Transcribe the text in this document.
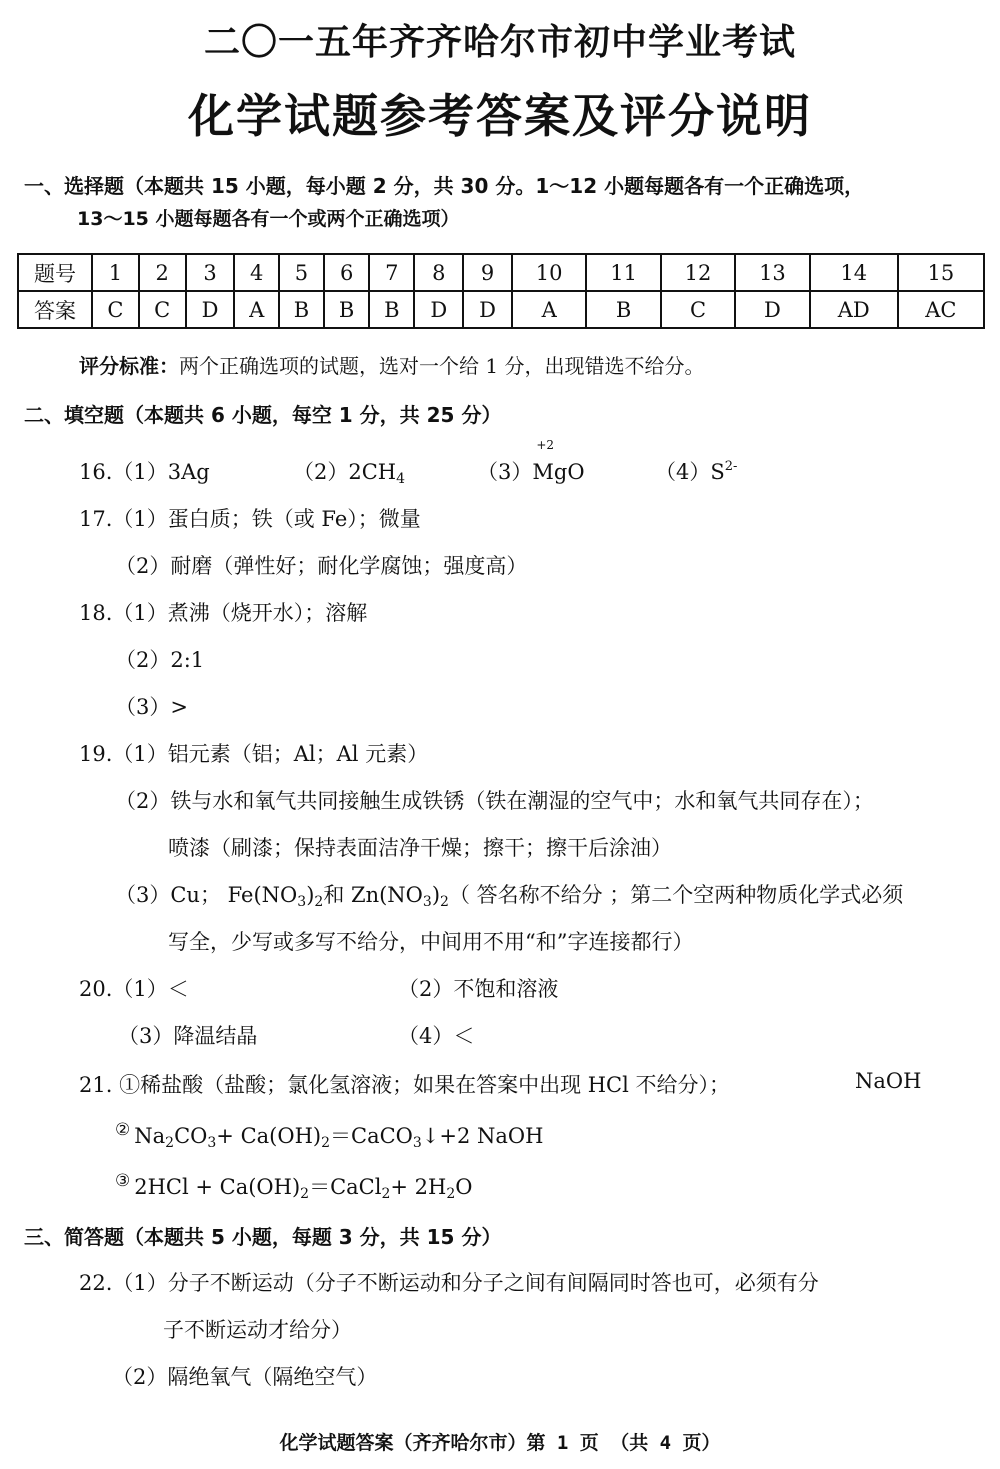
二〇一五年齐齐哈尔市初中学业考试
化学试题参考答案及评分说明
一、选择题（本题共 15 小题，每小题 2 分，共 30 分。1～12 小题每题各有一个正确选项，
13～15 小题每题各有一个或两个正确选项）
题号	1	2	3	4	5	6	7	8	9	10	11	12	13	14	15
答案	C	C	D	A	B	B	B	D	D	A	B	C	D	AD	AC
评分标准：两个正确选项的试题，选对一个给 1 分，出现错选不给分。
二、填空题（本题共 6 小题，每空 1 分，共 25 分）
16.（1）3Ag	$(2)2CH_4$	（3）
+2
MgO	$(4)S^{2-}$
17.（1）蛋白质；铁（或 Fe）；微量
（2）耐磨（弹性好；耐化学腐蚀；强度高）
18.（1）煮沸（烧开水）；溶解
（2）2:1
（3）>
19.（1）铝元素（铝；Al；Al 元素）
（2）铁与水和氧气共同接触生成铁锈（铁在潮湿的空气中；水和氧气共同存在）；
喷漆（刷漆；保持表面洁净干燥；擦干；擦干后涂油）
（3）Cu； $Fe(NO_3)_2$和 $Zn(NO_3)_2$（ 答名称不给分 ；第二个空两种物质化学式必须
写全，少写或多写不给分，中间用不用“和”字连接都行）
20.（1）＜	（2）不饱和溶液
（3）降温结晶	（4）＜
21. ①稀盐酸（盐酸；氯化氢溶液；如果在答案中出现 HCl 不给分）；	NaOH
② $Na_2CO_3+$ $Ca(OH)_2=CaCO_3↓+2$ NaOH
③ $2HCl + Ca(OH)_2=CaCl_2+ 2H_2O$
三、简答题（本题共 5 小题，每题 3 分，共 15 分）
22.（1）分子不断运动（分子不断运动和分子之间有间隔同时答也可，必须有分
子不断运动才给分）
（2）隔绝氧气（隔绝空气）
化学试题答案（齐齐哈尔市）第 1 页 （共 4 页）
